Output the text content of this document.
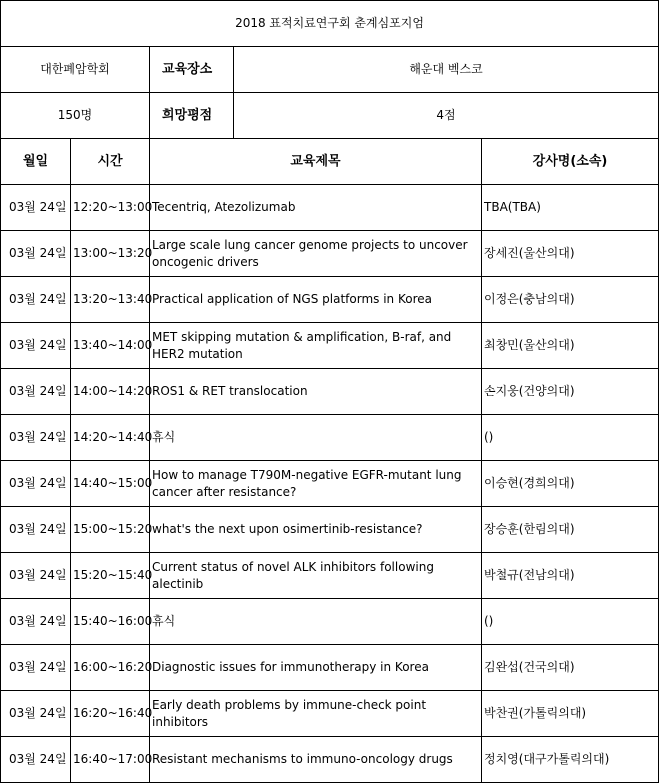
2018 표적치료연구회 춘계심포지엄				
대한폐암학회		교육장소	해운대 벡스코	
150명		희망평점	4점	
월일	시간	교육제목		강사명(소속)
03월 24일	12:20~13:00	Tecentriq, Atezolizumab		TBA(TBA)
03월 24일	13:00~13:20	Large scale lung cancer genome projects to uncover oncogenic drivers		장세진(울산의대)
03월 24일	13:20~13:40	Practical application of NGS platforms in Korea		이정은(충남의대)
03월 24일	13:40~14:00	MET skipping mutation & amplification, B-raf, and HER2 mutation		최창민(울산의대)
03월 24일	14:00~14:20	ROS1 & RET translocation		손지웅(건양의대)
03월 24일	14:20~14:40	휴식		()
03월 24일	14:40~15:00	How to manage T790M-negative EGFR-mutant lung cancer after resistance?		이승현(경희의대)
03월 24일	15:00~15:20	what's the next upon osimertinib-resistance?		장승훈(한림의대)
03월 24일	15:20~15:40	Current status of novel ALK inhibitors following alectinib		박철규(전남의대)
03월 24일	15:40~16:00	휴식		()
03월 24일	16:00~16:20	Diagnostic issues for immunotherapy in Korea		김완섭(건국의대)
03월 24일	16:20~16:40	Early death problems by immune-check point inhibitors		박찬권(가톨릭의대)
03월 24일	16:40~17:00	Resistant mechanisms to immuno-oncology drugs		정치영(대구가톨릭의대)
